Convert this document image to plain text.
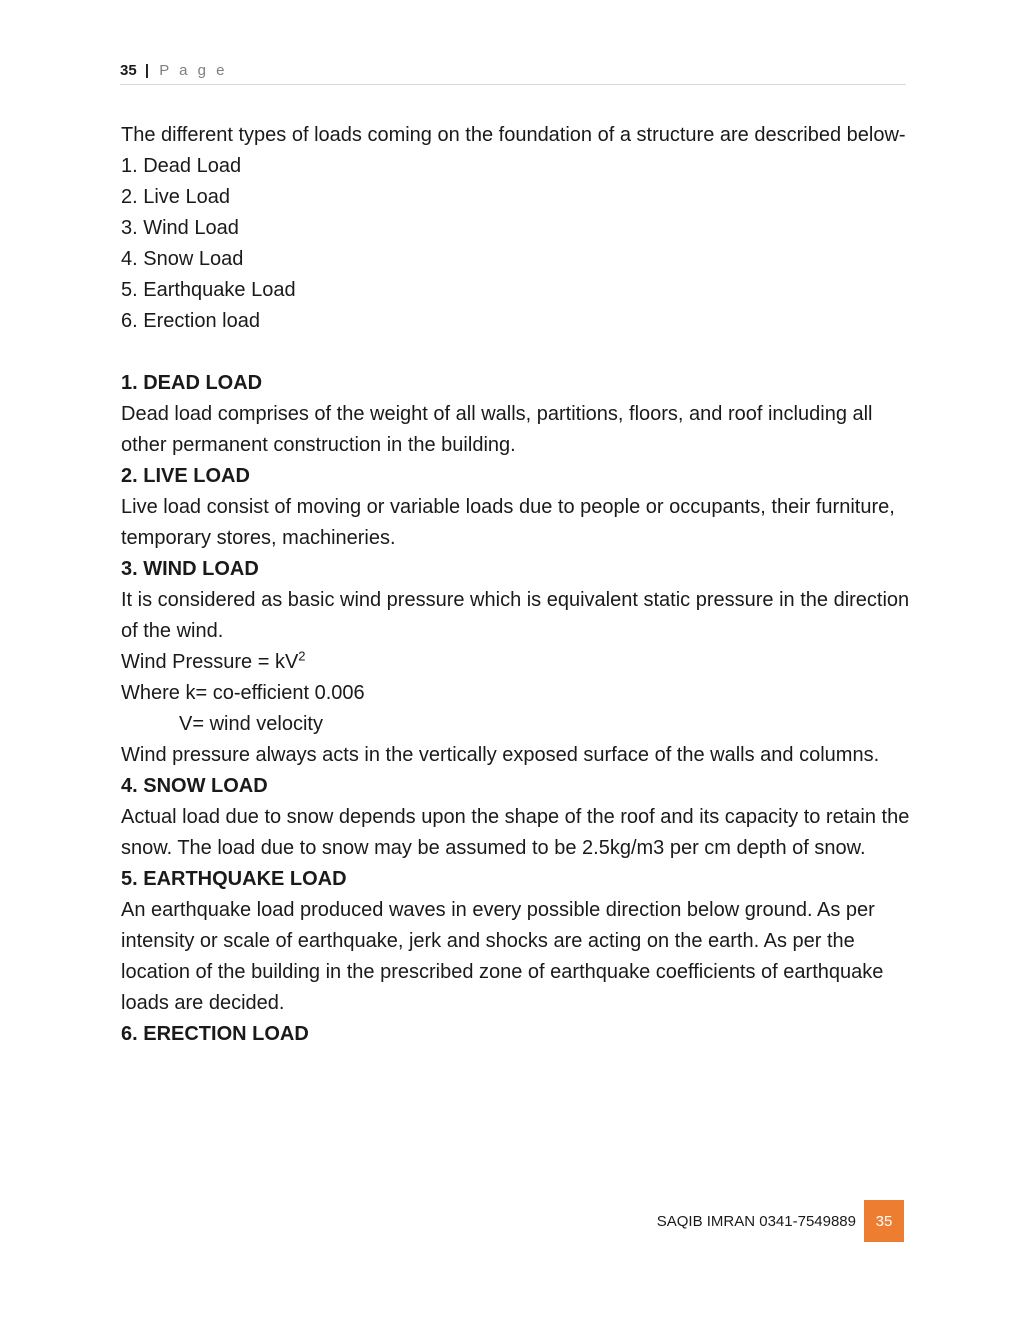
35 | P a g e

The different types of loads coming on the foundation of a structure are described below-

1. Dead Load

2. Live Load

3. Wind Load

4. Snow Load

5. Earthquake Load

6. Erection load

1. DEAD LOAD

Dead load comprises of the weight of all walls, partitions, floors, and roof including all other permanent construction in the building.

2. LIVE LOAD

Live load consist of moving or variable loads due to people or occupants, their furniture, temporary stores, machineries.

3. WIND LOAD

It is considered as basic wind pressure which is equivalent static pressure in the direction of the wind.

Wind Pressure = $kV^2$

Where k= co-efficient 0.006

V= wind velocity

Wind pressure always acts in the vertically exposed surface of the walls and columns.

4. SNOW LOAD

Actual load due to snow depends upon the shape of the roof and its capacity to retain the snow. The load due to snow may be assumed to be 2.5kg/m3 per cm depth of snow.

5. EARTHQUAKE LOAD

An earthquake load produced waves in every possible direction below ground. As per intensity or scale of earthquake, jerk and shocks are acting on the earth. As per the location of the building in the prescribed zone of earthquake coefficients of earthquake loads are decided.

6. ERECTION LOAD

SAQIB IMRAN 0341-7549889	35
